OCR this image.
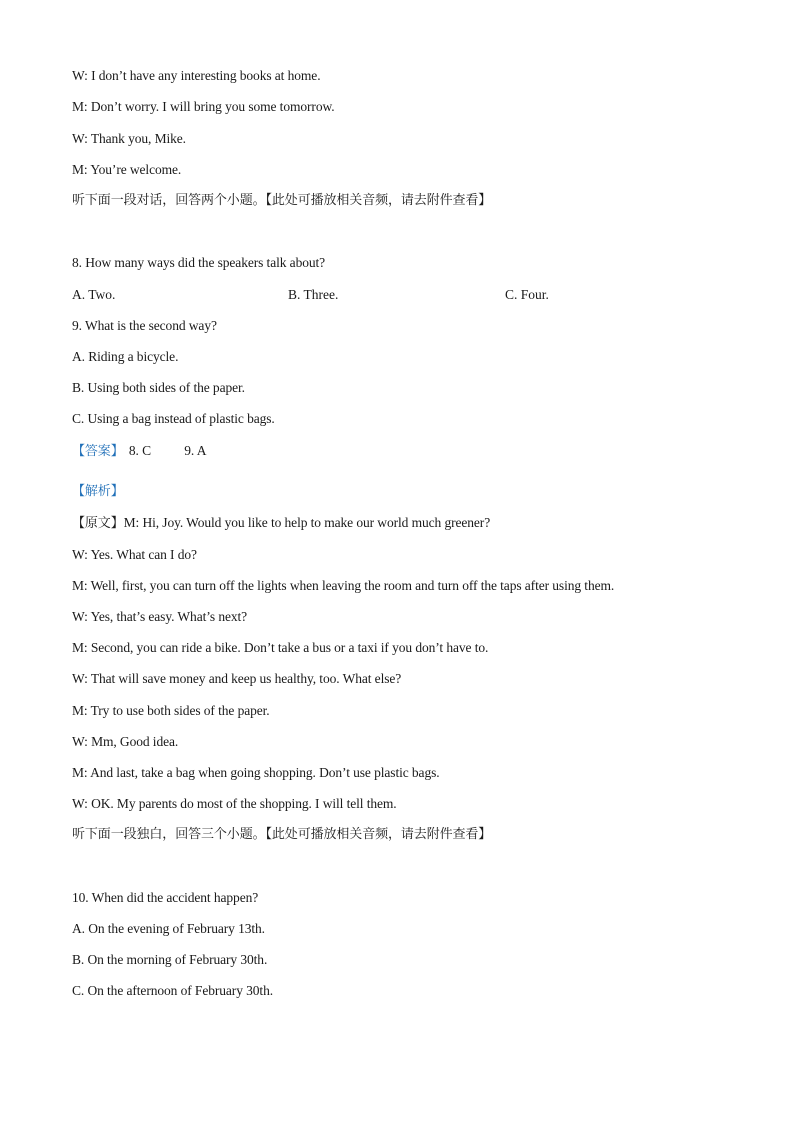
W: I don’t have any interesting books at home.
M: Don’t worry. I will bring you some tomorrow.
W: Thank you, Mike.
M: You’re welcome.
听下面一段对话，回答两个小题。【此处可播放相关音频，请去附件查看】
8. How many ways did the speakers talk about?
A. Two.	B. Three.	C. Four.
9. What is the second way?
A. Riding a bicycle.
B. Using both sides of the paper.
C. Using a bag instead of plastic bags.
【答案】 8. C 9. A
【解析】
【原文】M: Hi, Joy. Would you like to help to make our world much greener?
W: Yes. What can I do?
M: Well, first, you can turn off the lights when leaving the room and turn off the taps after using them.
W: Yes, that’s easy. What’s next?
M: Second, you can ride a bike. Don’t take a bus or a taxi if you don’t have to.
W: That will save money and keep us healthy, too. What else?
M: Try to use both sides of the paper.
W: Mm, Good idea.
M: And last, take a bag when going shopping. Don’t use plastic bags.
W: OK. My parents do most of the shopping. I will tell them.
听下面一段独白，回答三个小题。【此处可播放相关音频，请去附件查看】
10. When did the accident happen?
A. On the evening of February 13th.
B. On the morning of February 30th.
C. On the afternoon of February 30th.
